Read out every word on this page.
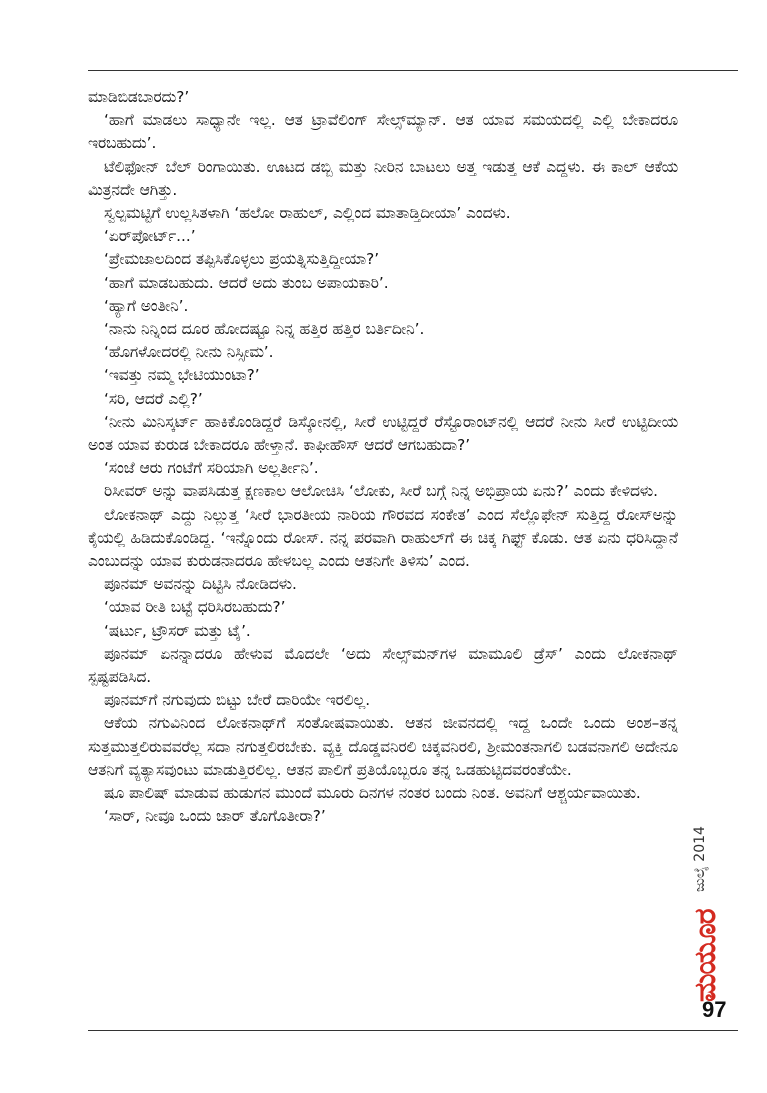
ಮಾಡಿಬಿಡಬಾರದು?’

‘ಹಾಗೆ ಮಾಡಲು ಸಾಧ್ಯಾನೇ ಇಲ್ಲ. ಆತ ಟ್ರಾವೆಲಿಂಗ್ ಸೇಲ್ಸ್‌ಮ್ಯಾನ್. ಆತ ಯಾವ ಸಮಯದಲ್ಲಿ ಎಲ್ಲಿ ಬೇಕಾದರೂ ಇರಬಹುದು’.

ಟೆಲಿಫೋನ್ ಬೆಲ್ ರಿಂಗಾಯಿತು. ಊಟದ ಡಬ್ಬಿ ಮತ್ತು ನೀರಿನ ಬಾಟಲು ಅತ್ತ ಇಡುತ್ತ ಆಕೆ ಎದ್ದಳು. ಈ ಕಾಲ್ ಆಕೆಯ ಮಿತ್ರನದೇ ಆಗಿತ್ತು.

ಸ್ವಲ್ಪಮಟ್ಟಿಗೆ ಉಲ್ಲಸಿತಳಾಗಿ ‘ಹಲೋ ರಾಹುಲ್, ಎಲ್ಲಿಂದ ಮಾತಾಡ್ತಿದೀಯಾ’ ಎಂದಳು.

‘ಏರ್‌ಪೋರ್ಟ್...’

‘ಪ್ರೇಮಜಾಲದಿಂದ ತಪ್ಪಿಸಿಕೊಳ್ಳಲು ಪ್ರಯತ್ನಿಸುತ್ತಿದ್ದೀಯಾ?’

‘ಹಾಗೆ ಮಾಡಬಹುದು. ಆದರೆ ಅದು ತುಂಬ ಅಪಾಯಕಾರಿ’.

‘ಹ್ಯಾಗೆ ಅಂತೀನಿ’.

‘ನಾನು ನಿನ್ನಿಂದ ದೂರ ಹೋದಷ್ಟೂ ನಿನ್ನ ಹತ್ತಿರ ಹತ್ತಿರ ಬರ್ತಿದೀನಿ’.

‘ಹೊಗಳೋದರಲ್ಲಿ ನೀನು ನಿಸ್ಸೀಮ’.

‘ಇವತ್ತು ನಮ್ಮ ಭೇಟಿಯುಂಟಾ?’

‘ಸರಿ, ಆದರೆ ಎಲ್ಲಿ?’

‘ನೀನು ಮಿನಿಸ್ಕರ್ಟ್ ಹಾಕಿಕೊಂಡಿದ್ದರೆ ಡಿಸ್ಕೋನಲ್ಲಿ, ಸೀರೆ ಉಟ್ಟಿದ್ದರೆ ರೆಸ್ಟೊರಾಂಟ್‌ನಲ್ಲಿ ಆದರೆ ನೀನು ಸೀರೆ ಉಟ್ಟಿದೀಯ ಅಂತ ಯಾವ ಕುರುಡ ಬೇಕಾದರೂ ಹೇಳ್ತಾನೆ. ಕಾಫೀಹೌಸ್ ಆದರೆ ಆಗಬಹುದಾ?’

‘ಸಂಜೆ ಆರು ಗಂಟೆಗೆ ಸರಿಯಾಗಿ ಅಲ್ಲರ್ತೀನಿ’.

ರಿಸೀವರ್ ಅನ್ನು ವಾಪಸಿಡುತ್ತ ಕ್ಷಣಕಾಲ ಆಲೋಚಿಸಿ ‘ಲೋಕು, ಸೀರೆ ಬಗ್ಗೆ ನಿನ್ನ ಅಭಿಪ್ರಾಯ ಏನು?’ ಎಂದು ಕೇಳಿದಳು.

ಲೋಕನಾಥ್ ಎದ್ದು ನಿಲ್ಲುತ್ತ ‘ಸೀರೆ ಭಾರತೀಯ ನಾರಿಯ ಗೌರವದ ಸಂಕೇತ’ ಎಂದ ಸೆಲ್ಲೊಫೇನ್ ಸುತ್ತಿದ್ದ ರೋಸ್‌ಅನ್ನು ಕೈಯಲ್ಲಿ ಹಿಡಿದುಕೊಂಡಿದ್ದ. ‘ಇನ್ನೊಂದು ರೋಸ್. ನನ್ನ ಪರವಾಗಿ ರಾಹುಲ್‌ಗೆ ಈ ಚಿಕ್ಕ ಗಿಫ್ಟ್ ಕೊಡು. ಆತ ಏನು ಧರಿಸಿದ್ದಾನೆ ಎಂಬುದನ್ನು ಯಾವ ಕುರುಡನಾದರೂ ಹೇಳಬಲ್ಲ ಎಂದು ಆತನಿಗೇ ತಿಳಿಸು’ ಎಂದ.

ಪೂನಮ್ ಅವನನ್ನು ದಿಟ್ಟಿಸಿ ನೋಡಿದಳು.

‘ಯಾವ ರೀತಿ ಬಟ್ಟೆ ಧರಿಸಿರಬಹುದು?’

‘ಷರ್ಟು, ಟ್ರೌಸರ್ ಮತ್ತು ಟೈ’.

ಪೂನಮ್ ಏನನ್ನಾದರೂ ಹೇಳುವ ಮೊದಲೇ ‘ಅದು ಸೇಲ್ಸ್‌ಮನ್‌ಗಳ ಮಾಮೂಲಿ ಡ್ರೆಸ್’ ಎಂದು ಲೋಕನಾಥ್ ಸ್ಪಷ್ಟಪಡಿಸಿದ.

ಪೂನಮ್‌ಗೆ ನಗುವುದು ಬಿಟ್ಟು ಬೇರೆ ದಾರಿಯೇ ಇರಲಿಲ್ಲ.

ಆಕೆಯ ನಗುವಿನಿಂದ ಲೋಕನಾಥ್‌ಗೆ ಸಂತೋಷವಾಯಿತು. ಆತನ ಜೀವನದಲ್ಲಿ ಇದ್ದ ಒಂದೇ ಒಂದು ಅಂಶ–ತನ್ನ ಸುತ್ತಮುತ್ತಲಿರುವವರೆಲ್ಲ ಸದಾ ನಗುತ್ತಲಿರಬೇಕು. ವ್ಯಕ್ತಿ ದೊಡ್ಡವನಿರಲಿ ಚಿಕ್ಕವನಿರಲಿ, ಶ್ರೀಮಂತನಾಗಲಿ ಬಡವನಾಗಲಿ ಅದೇನೂ ಆತನಿಗೆ ವ್ಯತ್ಯಾಸವುಂಟು ಮಾಡುತ್ತಿರಲಿಲ್ಲ. ಆತನ ಪಾಲಿಗೆ ಪ್ರತಿಯೊಬ್ಬರೂ ತನ್ನ ಒಡಹುಟ್ಟಿದವರಂತೆಯೇ.

ಷೂ ಪಾಲಿಷ್ ಮಾಡುವ ಹುಡುಗನ ಮುಂದೆ ಮೂರು ದಿನಗಳ ನಂತರ ಬಂದು ನಿಂತ. ಅವನಿಗೆ ಆಶ್ಚರ್ಯವಾಯಿತು.

‘ಸಾರ್, ನೀವೂ ಒಂದು ಜಾರ್ ತೊಗೊತೀರಾ?’

ಜುಲೈ 2014
ಮಯೂರ
97
